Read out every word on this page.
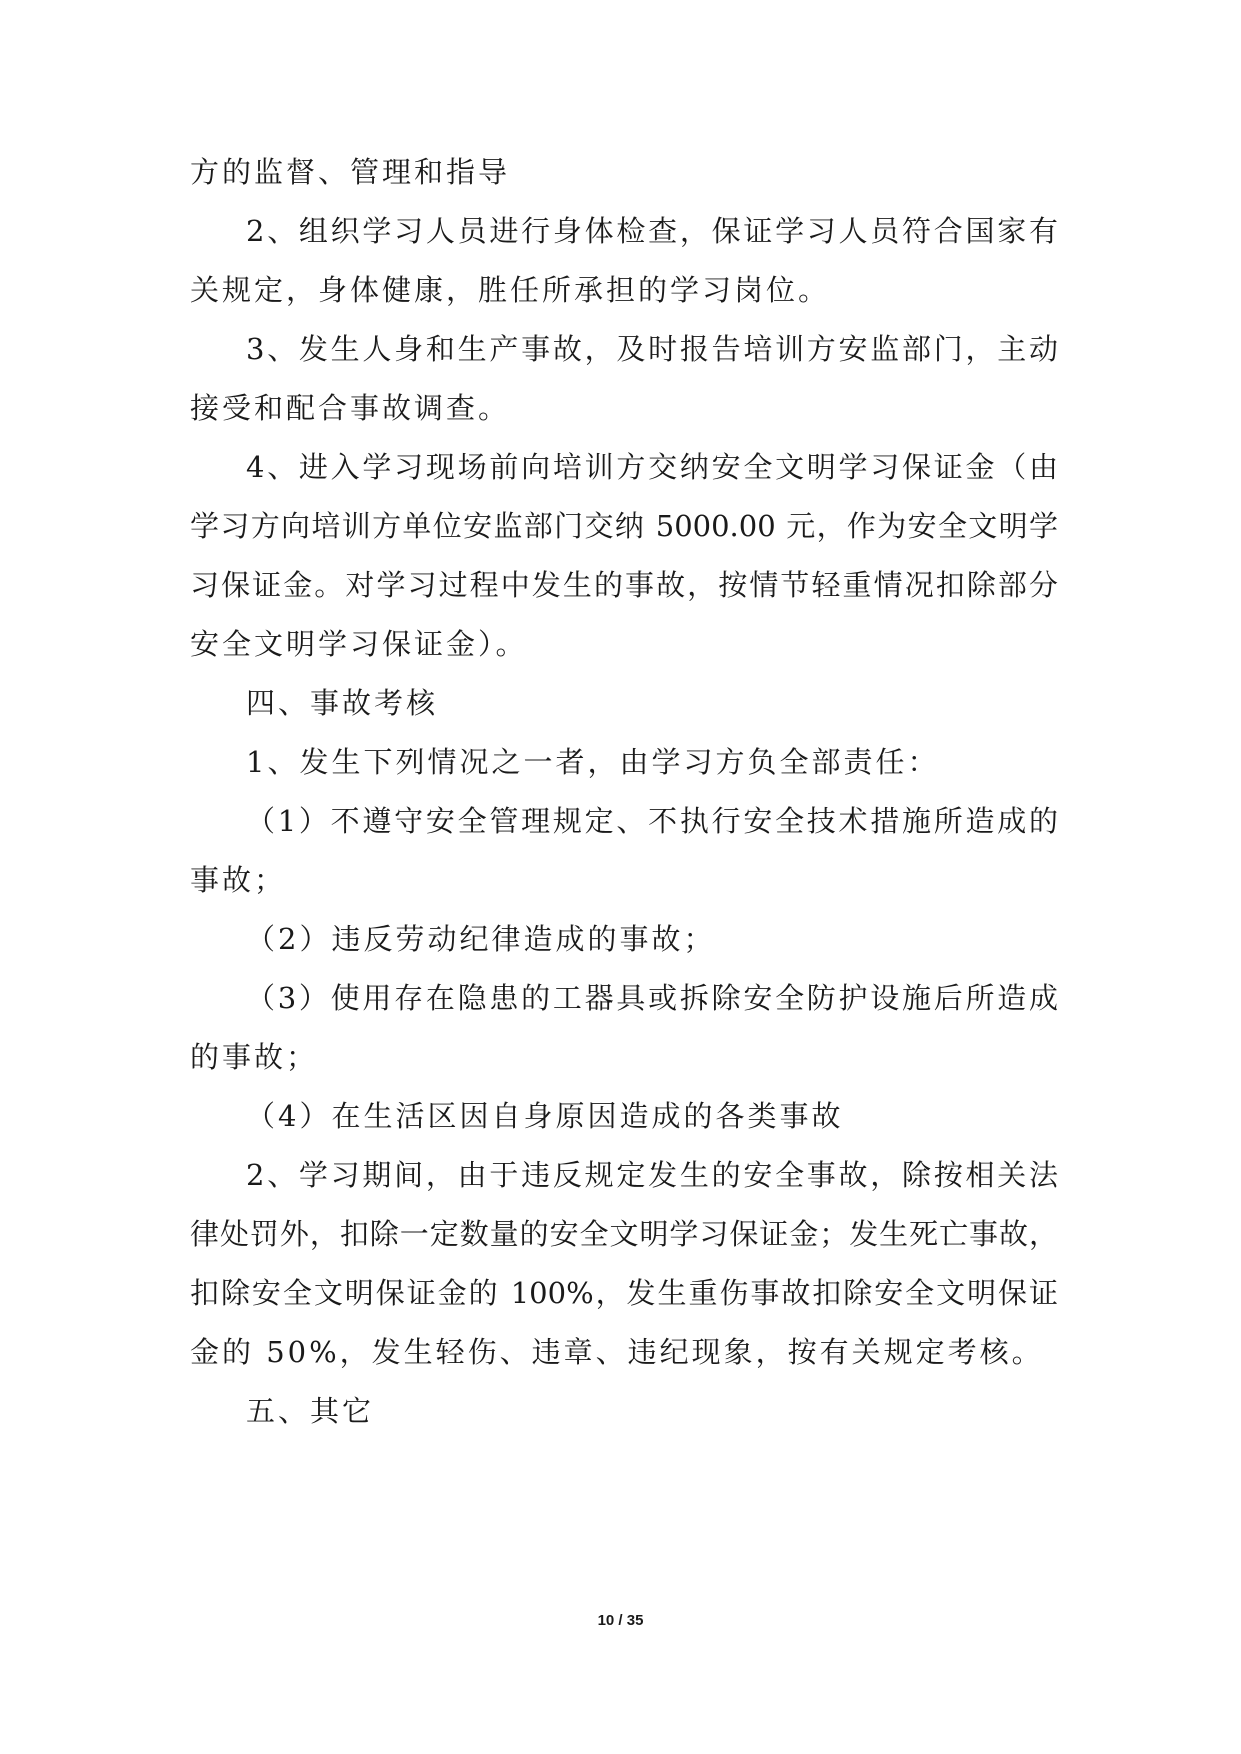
方的监督、管理和指导
2、组织学习人员进行身体检查，保证学习人员符合国家有
关规定，身体健康，胜任所承担的学习岗位。
3、发生人身和生产事故，及时报告培训方安监部门，主动
接受和配合事故调查。
4、进入学习现场前向培训方交纳安全文明学习保证金（由
学习方向培训方单位安监部门交纳 5000.00 元，作为安全文明学
习保证金。对学习过程中发生的事故，按情节轻重情况扣除部分
安全文明学习保证金）。
四、事故考核
1、发生下列情况之一者，由学习方负全部责任：
（1）不遵守安全管理规定、不执行安全技术措施所造成的
事故；
（2）违反劳动纪律造成的事故；
（3）使用存在隐患的工器具或拆除安全防护设施后所造成
的事故；
（4）在生活区因自身原因造成的各类事故
2、学习期间，由于违反规定发生的安全事故，除按相关法
律处罚外，扣除一定数量的安全文明学习保证金；发生死亡事故，
扣除安全文明保证金的 100%，发生重伤事故扣除安全文明保证
金的 50%，发生轻伤、违章、违纪现象，按有关规定考核。
五、其它
10 / 35
